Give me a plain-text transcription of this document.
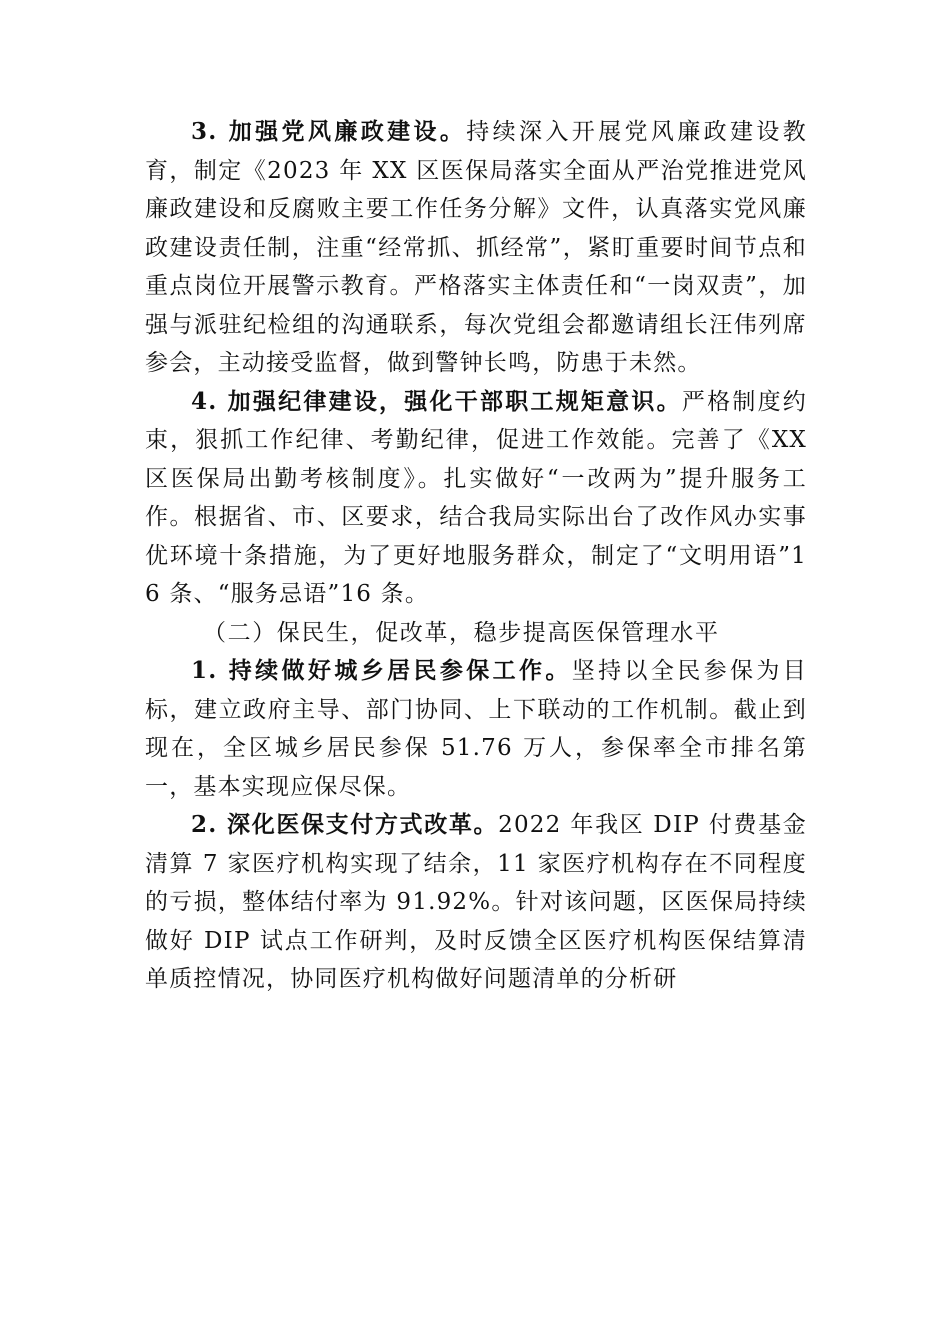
3. 加强党风廉政建设。持续深入开展党风廉政建设教育，制定《2023 年 XX 区医保局落实全面从严治党推进党风廉政建设和反腐败主要工作任务分解》文件，认真落实党风廉政建设责任制，注重“经常抓、抓经常”，紧盯重要时间节点和重点岗位开展警示教育。严格落实主体责任和“一岗双责”，加强与派驻纪检组的沟通联系，每次党组会都邀请组长汪伟列席参会，主动接受监督，做到警钟长鸣，防患于未然。

4. 加强纪律建设，强化干部职工规矩意识。严格制度约束，狠抓工作纪律、考勤纪律，促进工作效能。完善了《XX 区医保局出勤考核制度》。扎实做好“一改两为”提升服务工作。根据省、市、区要求，结合我局实际出台了改作风办实事优环境十条措施，为了更好地服务群众，制定了“文明用语”16 条、“服务忌语”16 条。

（二）保民生，促改革，稳步提高医保管理水平

1. 持续做好城乡居民参保工作。坚持以全民参保为目标，建立政府主导、部门协同、上下联动的工作机制。截止到现在，全区城乡居民参保 51.76 万人，参保率全市排名第一，基本实现应保尽保。

2. 深化医保支付方式改革。2022 年我区 DIP 付费基金清算 7 家医疗机构实现了结余，11 家医疗机构存在不同程度的亏损，整体结付率为 91.92%。针对该问题，区医保局持续做好 DIP 试点工作研判，及时反馈全区医疗机构医保结算清单质控情况，协同医疗机构做好问题清单的分析研
